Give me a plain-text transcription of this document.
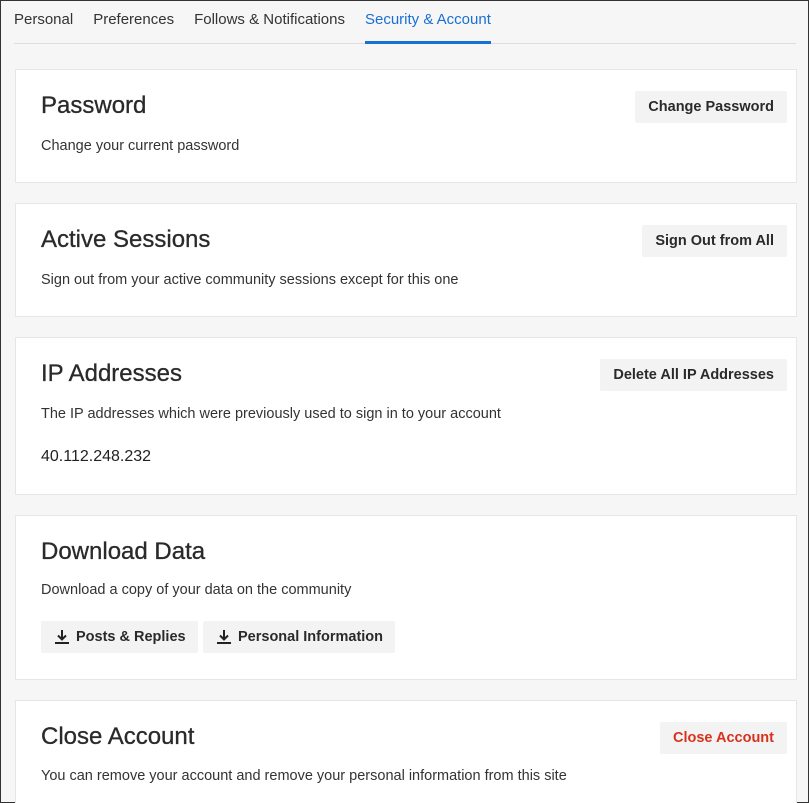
Personal Preferences Follows & Notifications Security & Account
Password

Change your current password

Change Password
Active Sessions

Sign out from your active community sessions except for this one

Sign Out from All
IP Addresses

The IP addresses which were previously used to sign in to your account

40.112.248.232
Delete All IP Addresses
Download Data

Download a copy of your data on the community

Posts & Replies	Personal Information
Close Account

You can remove your account and remove your personal information from this site

Close Account
